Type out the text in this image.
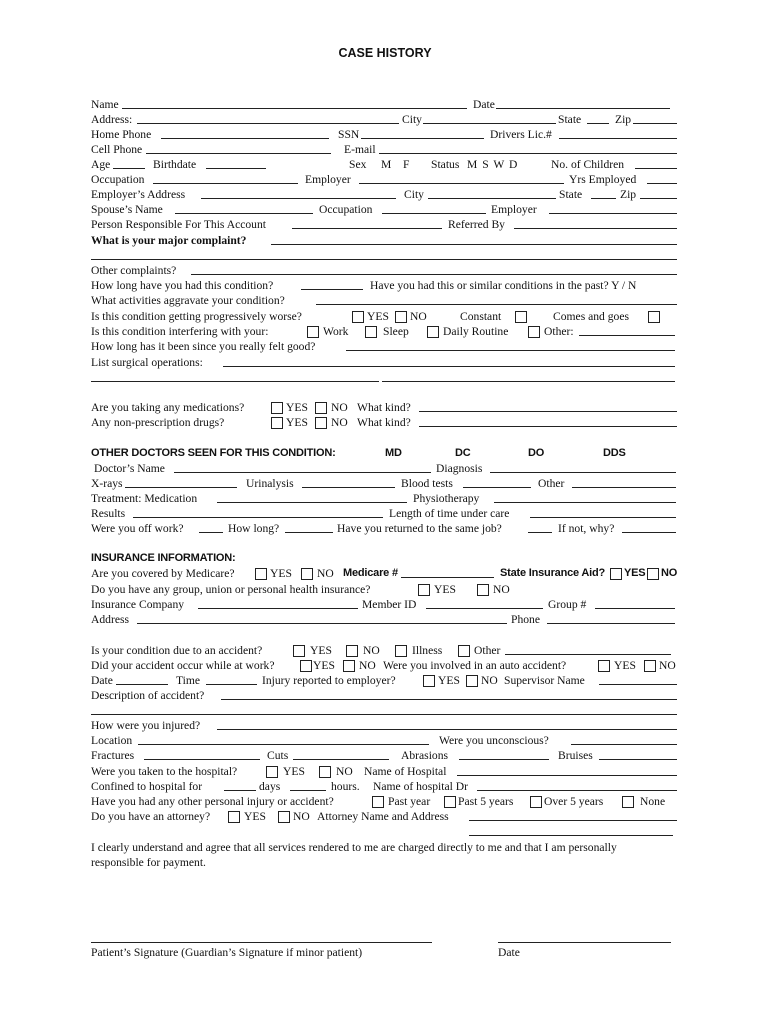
CASE HISTORY
Name	Date
Address:	City	State	Zip
Home Phone	SSN	Drivers Lic.#
Cell Phone	E-mail
Age	Birthdate	Sex M F Status M S W D	No. of Children
Occupation	Employer	Yrs Employed
Employer’s Address	City	State	Zip
Spouse’s Name	Occupation	Employer
Person Responsible For This Account	Referred By
What is your major complaint?
Other complaints?
How long have you had this condition?	Have you had this or similar conditions in the past? Y / N
What activities aggravate your condition?
Is this condition getting progressively worse?	YES NO	Constant	Comes and goes
Is this condition interfering with your:	Work	Sleep	Daily Routine	Other:
How long has it been since you really felt good?
List surgical operations:
Are you taking any medications?	YES NO What kind?
Any non-prescription drugs?	YES NO What kind?
OTHER DOCTORS SEEN FOR THIS CONDITION:	MD	DC	DO	DDS
Doctor’s Name	Diagnosis
X-rays	Urinalysis	Blood tests	Other
Treatment: Medication	Physiotherapy
Results	Length of time under care
Were you off work?	How long?	Have you returned to the same job?	If not, why?
INSURANCE INFORMATION:
Are you covered by Medicare?	YES NO Medicare #	State Insurance Aid? YES NO
Do you have any group, union or personal health insurance?	YES	NO
Insurance Company	Member ID	Group #
Address	Phone
Is your condition due to an accident?	YES	NO	Illness	Other
Did your accident occur while at work?	YES NO Were you involved in an auto accident?	YES NO
Date	Time	Injury reported to employer?	YES NO Supervisor Name
Description of accident?
How were you injured?
Location	Were you unconscious?
Fractures	Cuts	Abrasions	Bruises
Were you taken to the hospital?	YES	NO Name of Hospital
Confined to hospital for	days	hours. Name of hospital Dr
Have you had any other personal injury or accident?	Past year Past 5 years	Over 5 years	None
Do you have an attorney?	YES NO Attorney Name and Address
I clearly understand and agree that all services rendered to me are charged directly to me and that I am personally responsible for payment.
Patient’s Signature (Guardian’s Signature if minor patient)	Date
